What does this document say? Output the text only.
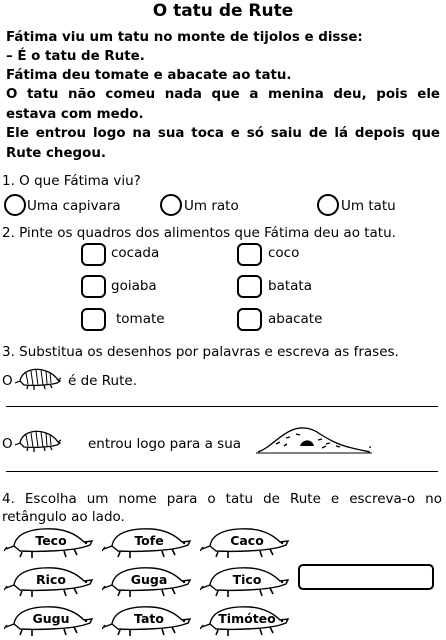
O tatu de Rute
Fátima viu um tatu no monte de tijolos e disse:
– É o tatu de Rute.
Fátima deu tomate e abacate ao tatu.
O tatu não comeu nada que a menina deu, pois ele estava com medo.
Ele entrou logo na sua toca e só saiu de lá depois que Rute chegou.
1. O que Fátima viu?
Uma capivara	Um rato	Um tatu
2. Pinte os quadros dos alimentos que Fátima deu ao tatu.
cocada	coco
goiaba	batata
tomate	abacate
3. Substitua os desenhos por palavras e escreva as frases.
O	é de Rute.
O	entrou logo para a sua	.
4. Escolha um nome para o tatu de Rute e escreva-o no retângulo ao lado.
Teco	Tofe	Caco
Rico	Guga	Tico
Gugu	Tato	Timóteo
